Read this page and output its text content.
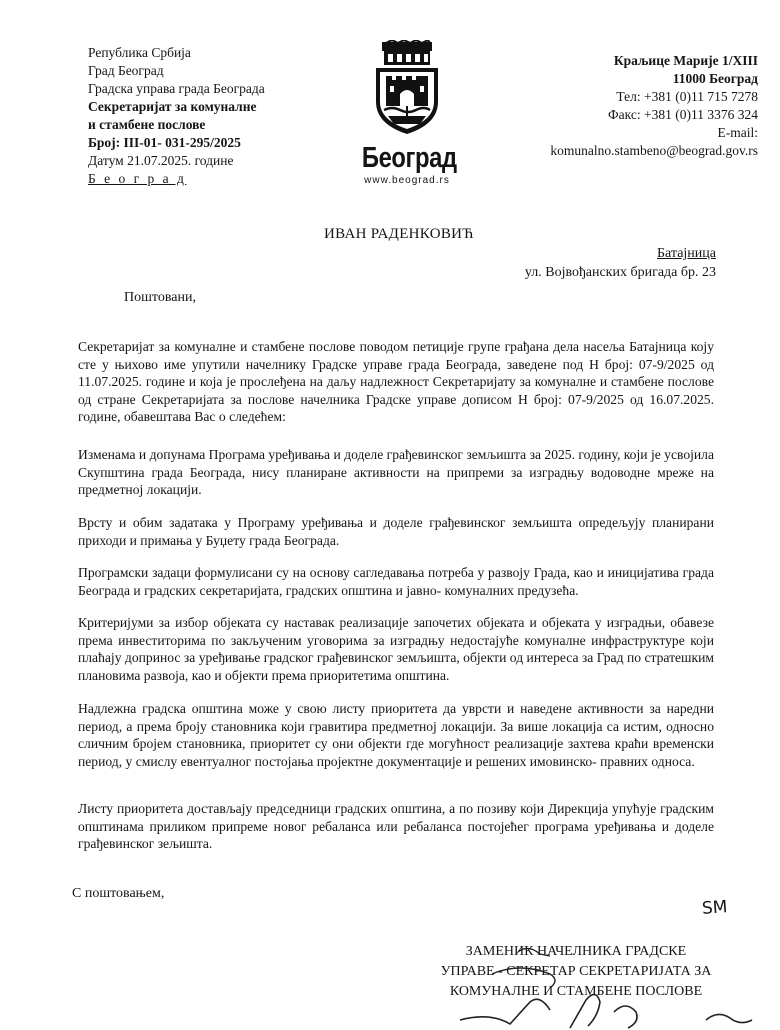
Република Србија
Град Београд
Градска управа града Београда
Секретаријат за комуналне
и стамбене послове
Број: III-01- 031-295/2025
Датум 21.07.2025. године
Б е о г р а д
Београд
www.beograd.rs
Краљице Марије 1/XIII
11000 Београд
Тел: +381 (0)11 715 7278
Факс: +381 (0)11 3376 324
E-mail:
komunalno.stambeno@beograd.gov.rs
ИВАН РАДЕНКОВИЋ
Батајница
ул. Војвођанских бригада бр. 23
Поштовани,
Секретаријат за комуналне и стамбене послове поводом петиције групе грађана дела насеља Батајница коју сте у њихово име упутили начелнику Градске управе града Београда, заведене под Н број: 07-9/2025 од 11.07.2025. године и која је прослеђена на даљу надлежност Секретаријату за комуналне и стамбене послове од стране Секретаријата за послове начелника Градске управе дописом Н број: 07-9/2025 од 16.07.2025. године, обавештава Вас о следећем:
Изменама и допунама Програма уређивања и доделе грађевинског земљишта за 2025. годину, који је усвојила Скупштина града Београда, нису планиране активности на припреми за изградњу водоводне мреже на предметној локацији.
Врсту и обим задатака у Програму уређивања и доделе грађевинског земљишта опредељују планирани приходи и примања у Буџету града Београда.
Програмски задаци формулисани су на основу сагледавања потреба у развоју Града, као и иницијатива града Београда и градских секретаријата, градских општина и јавно- комуналних предузећа.
Критеријуми за избор објеката су наставак реализације започетих објеката и објеката у изградњи, обавезе према инвеститорима по закљученим уговорима за изградњу недостајуће комуналне инфраструктуре који плаћају допринос за уређивање градског грађевинског земљишта, објекти од интереса за Град по стратешким плановима развоја, као и објекти према приоритетима општина.
Надлежна градска општина може у свою листу приоритета да уврсти и наведене активности за наредни период, а према броју становника који гравитира предметној локацији. За више локација са истим, односно сличним бројем становника, приоритет су они објекти где могућност реализације захтева краћи временски период, у смислу евентуалног постојања пројектне документације и решених имовинско- правних односа.
Листу приоритета достављају председници градских општина, а по позиву који Дирекција упућује градским општинама приликом припреме новог ребаланса или ребаланса постојећег програма уређивања и доделе грађевинског зељишта.
С поштовањем,
ЅМ
ЗАМЕНИК НАЧЕЛНИКА ГРАДСКЕ
УПРАВЕ - СЕКРЕТАР СЕКРЕТАРИЈАТА ЗА
КОМУНАЛНЕ И СТАМБЕНЕ ПОСЛОВЕ
